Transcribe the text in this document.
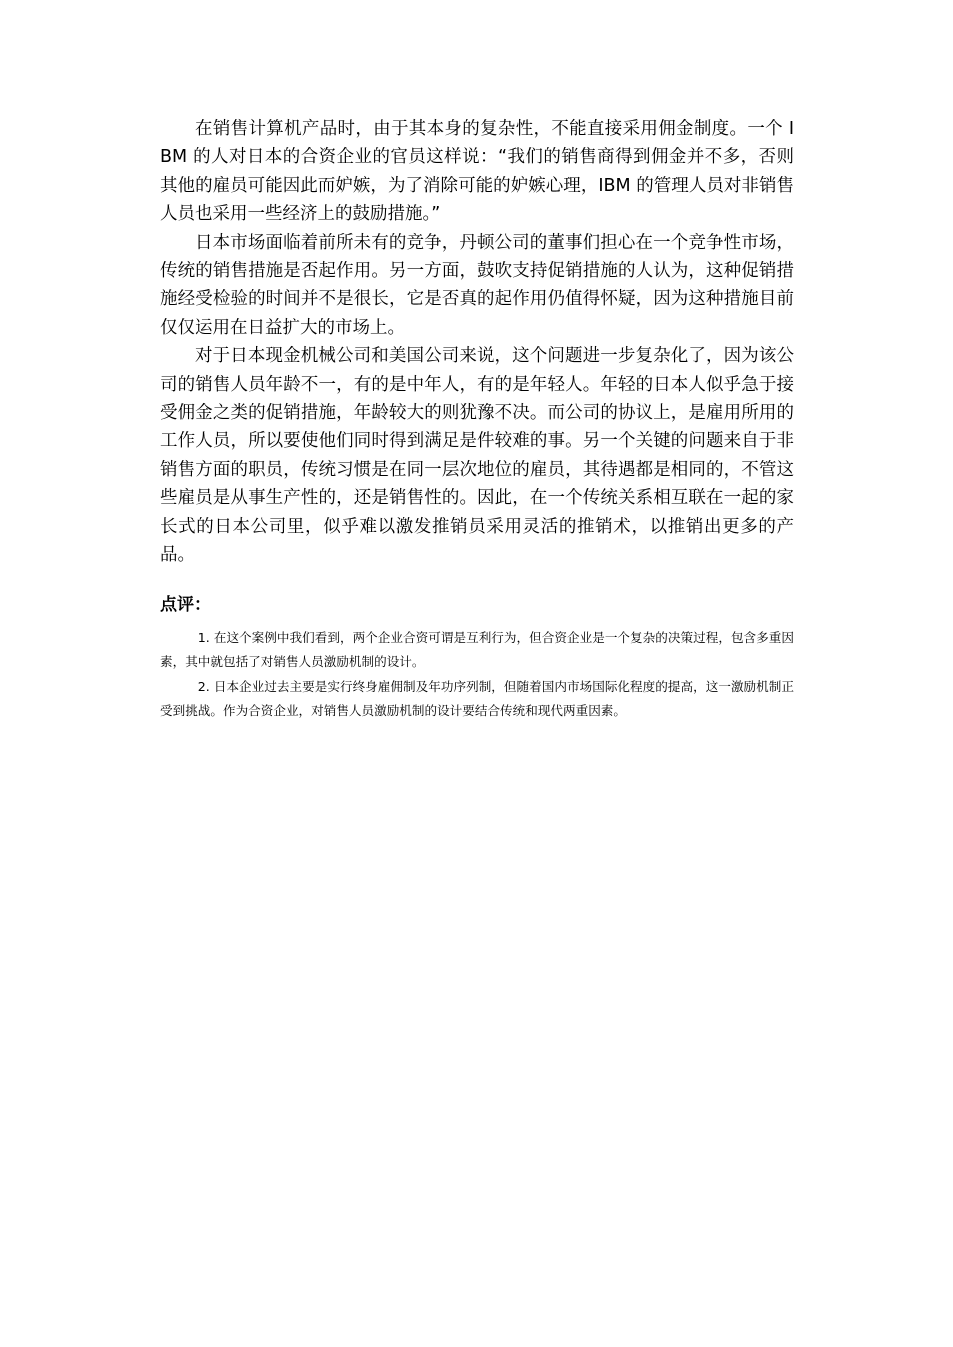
在销售计算机产品时，由于其本身的复杂性，不能直接采用佣金制度。一个 IBM 的人对日本的合资企业的官员这样说：“我们的销售商得到佣金并不多，否则其他的雇员可能因此而妒嫉，为了消除可能的妒嫉心理，IBM 的管理人员对非销售人员也采用一些经济上的鼓励措施。”

日本市场面临着前所未有的竞争，丹顿公司的董事们担心在一个竞争性市场，传统的销售措施是否起作用。另一方面，鼓吹支持促销措施的人认为，这种促销措施经受检验的时间并不是很长，它是否真的起作用仍值得怀疑，因为这种措施目前仅仅运用在日益扩大的市场上。

对于日本现金机械公司和美国公司来说，这个问题进一步复杂化了，因为该公司的销售人员年龄不一，有的是中年人，有的是年轻人。年轻的日本人似乎急于接受佣金之类的促销措施，年龄较大的则犹豫不决。而公司的协议上，是雇用所用的工作人员，所以要使他们同时得到满足是件较难的事。另一个关键的问题来自于非销售方面的职员，传统习惯是在同一层次地位的雇员，其待遇都是相同的，不管这些雇员是从事生产性的，还是销售性的。因此，在一个传统关系相互联在一起的家长式的日本公司里，似乎难以激发推销员采用灵活的推销术，以推销出更多的产品。

点评：

1. 在这个案例中我们看到，两个企业合资可谓是互利行为，但合资企业是一个复杂的决策过程，包含多重因素，其中就包括了对销售人员激励机制的设计。

2. 日本企业过去主要是实行终身雇佣制及年功序列制，但随着国内市场国际化程度的提高，这一激励机制正受到挑战。作为合资企业，对销售人员激励机制的设计要结合传统和现代两重因素。
